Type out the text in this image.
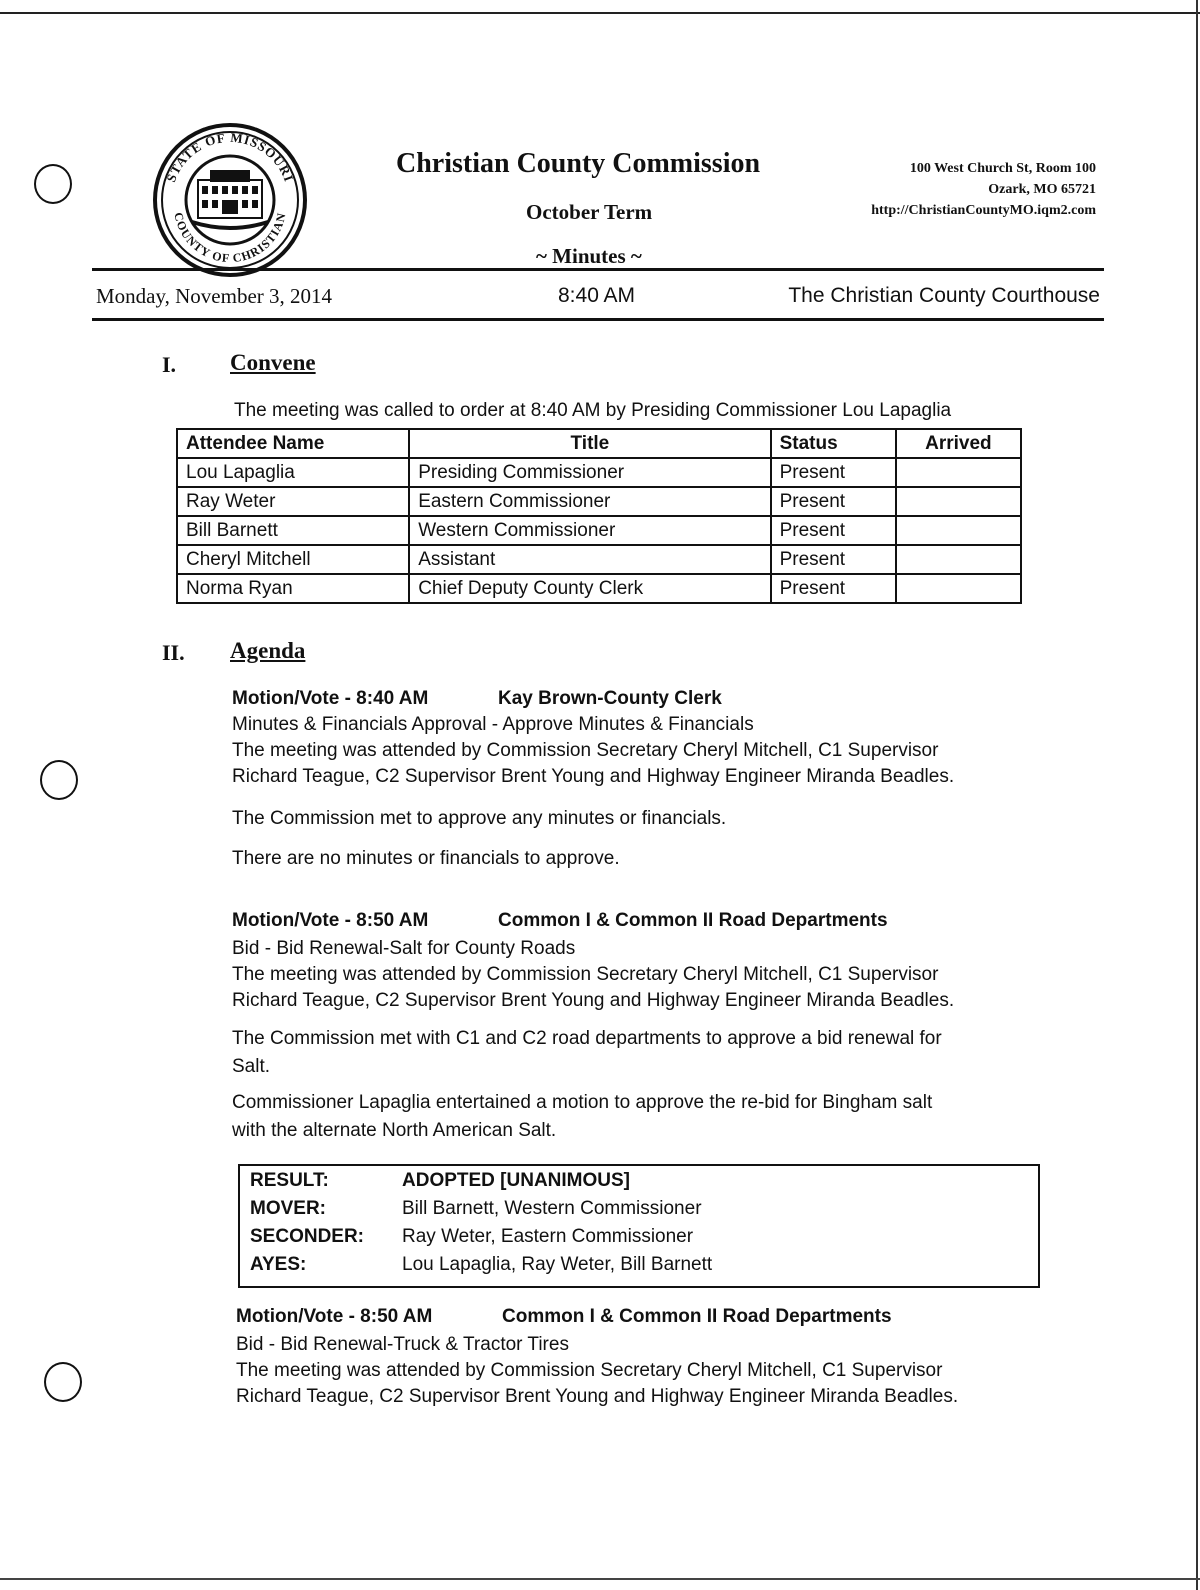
STATE OF MISSOURI
COUNTY OF CHRISTIAN
Christian County Commission
October Term
~ Minutes ~
100 West Church St, Room 100
Ozark, MO 65721
http://ChristianCountyMO.iqm2.com
Monday, November 3, 2014	8:40 AM	The Christian County Courthouse
I. Convene
The meeting was called to order at 8:40 AM by Presiding Commissioner Lou Lapaglia
Attendee Name	Title	Status	Arrived
Lou Lapaglia	Presiding Commissioner	Present	
Ray Weter	Eastern Commissioner	Present	
Bill Barnett	Western Commissioner	Present	
Cheryl Mitchell	Assistant	Present	
Norma Ryan	Chief Deputy County Clerk	Present	
II. Agenda
Motion/Vote - 8:40 AM	Kay Brown-County Clerk
Minutes & Financials Approval - Approve Minutes & Financials
The meeting was attended by Commission Secretary Cheryl Mitchell, C1 Supervisor
Richard Teague, C2 Supervisor Brent Young and Highway Engineer Miranda Beadles.
The Commission met to approve any minutes or financials.
There are no minutes or financials to approve.
Motion/Vote - 8:50 AM	Common I & Common II Road Departments
Bid - Bid Renewal-Salt for County Roads
The meeting was attended by Commission Secretary Cheryl Mitchell, C1 Supervisor
Richard Teague, C2 Supervisor Brent Young and Highway Engineer Miranda Beadles.
The Commission met with C1 and C2 road departments to approve a bid renewal for
Salt.
Commissioner Lapaglia entertained a motion to approve the re-bid for Bingham salt
with the alternate North American Salt.
RESULT:	ADOPTED [UNANIMOUS]
MOVER:	Bill Barnett, Western Commissioner
SECONDER: Ray Weter, Eastern Commissioner
AYES:	Lou Lapaglia, Ray Weter, Bill Barnett
Motion/Vote - 8:50 AM	Common I & Common II Road Departments
Bid - Bid Renewal-Truck & Tractor Tires
The meeting was attended by Commission Secretary Cheryl Mitchell, C1 Supervisor
Richard Teague, C2 Supervisor Brent Young and Highway Engineer Miranda Beadles.
